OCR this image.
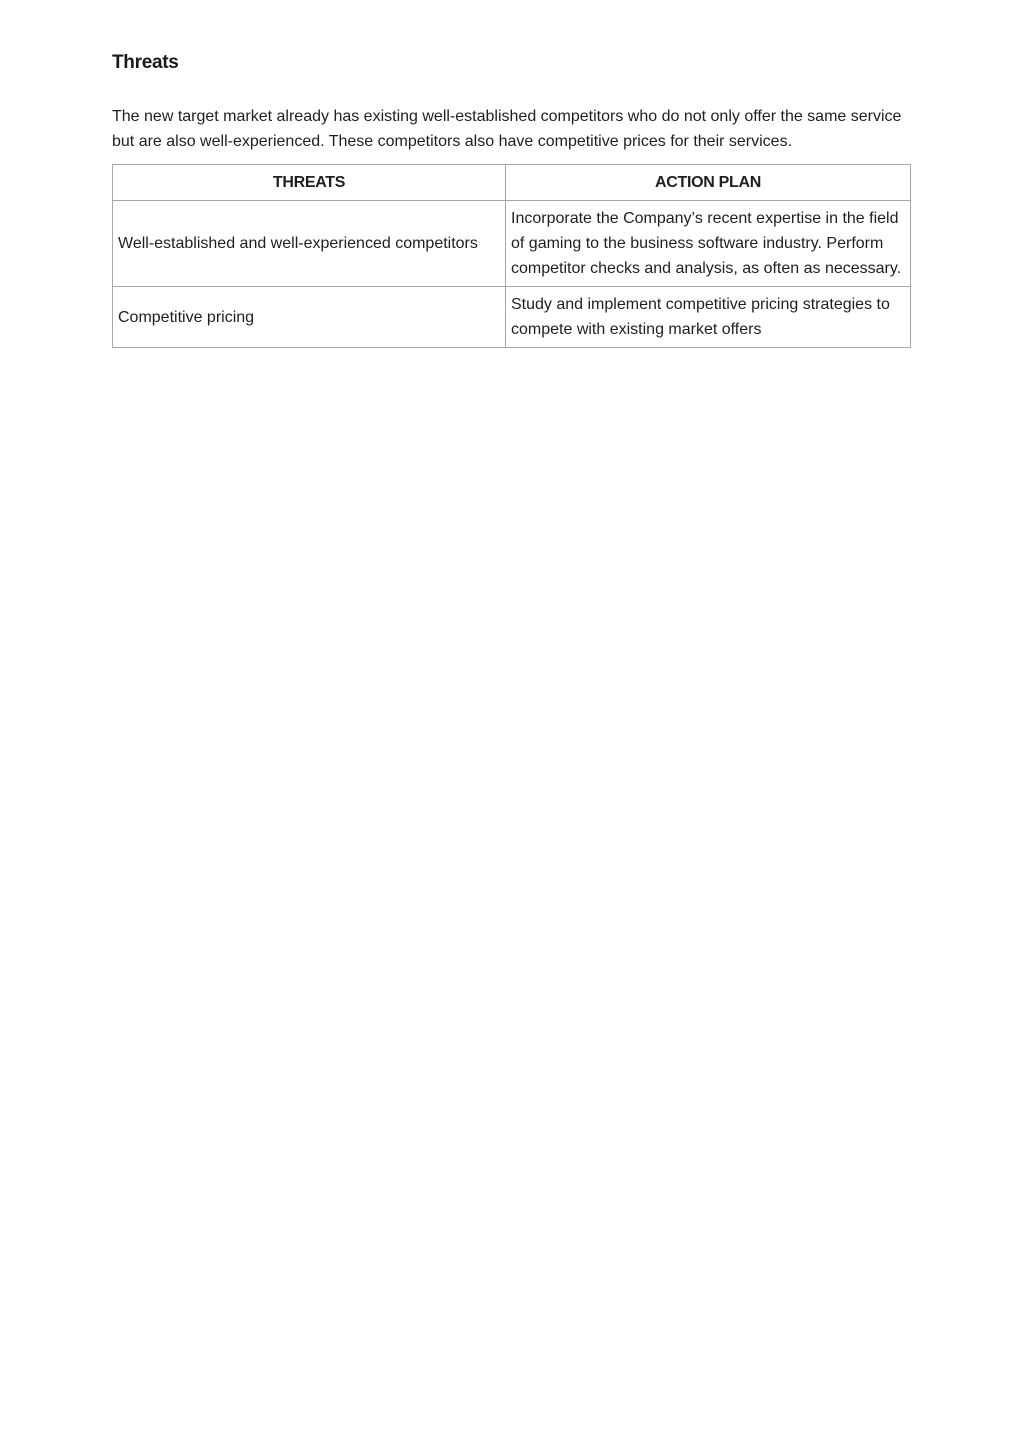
Threats

The new target market already has existing well-established competitors who do not only offer the same service but are also well-experienced. These competitors also have competitive prices for their services.

THREATS	ACTION PLAN
Well-established and well-experienced competitors	Incorporate the Company’s recent expertise in the field of gaming to the business software industry. Perform competitor checks and analysis, as often as necessary.
Competitive pricing	Study and implement competitive pricing strategies to compete with existing market offers
